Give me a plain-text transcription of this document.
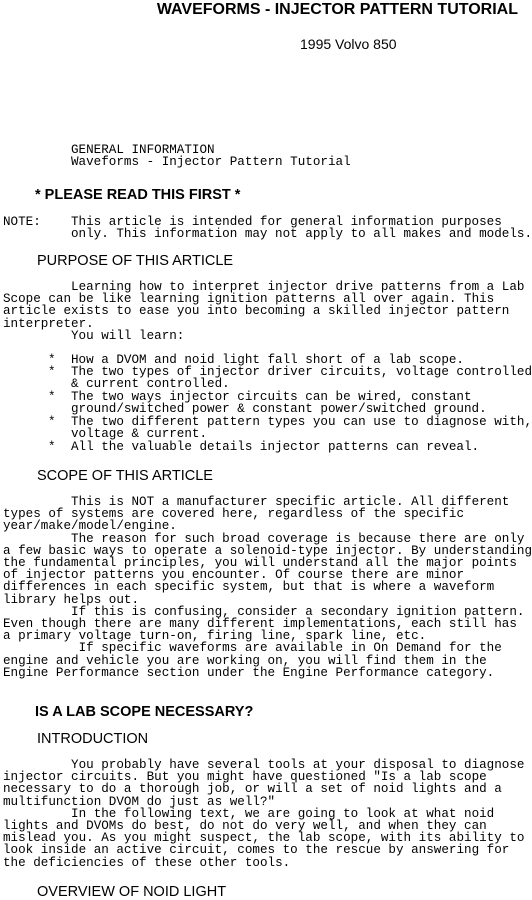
WAVEFORMS - INJECTOR PATTERN TUTORIAL
1995 Volvo 850
GENERAL INFORMATION
Waveforms - Injector Pattern Tutorial
* PLEASE READ THIS FIRST *
NOTE: This article is intended for general information purposes
only. This information may not apply to all makes and models.
PURPOSE OF THIS ARTICLE
Learning how to interpret injector drive patterns from a Lab
Scope can be like learning ignition patterns all over again. This
article exists to ease you into becoming a skilled injector pattern
interpreter.
You will learn:
* How a DVOM and noid light fall short of a lab scope.
* The two types of injector driver circuits, voltage controlled
& current controlled.
* The two ways injector circuits can be wired, constant
ground/switched power & constant power/switched ground.
* The two different pattern types you can use to diagnose with,
voltage & current.
* All the valuable details injector patterns can reveal.
SCOPE OF THIS ARTICLE
This is NOT a manufacturer specific article. All different
types of systems are covered here, regardless of the specific
year/make/model/engine.
The reason for such broad coverage is because there are only
a few basic ways to operate a solenoid-type injector. By understanding
the fundamental principles, you will understand all the major points
of injector patterns you encounter. Of course there are minor
differences in each specific system, but that is where a waveform
library helps out.
If this is confusing, consider a secondary ignition pattern.
Even though there are many different implementations, each still has
a primary voltage turn-on, firing line, spark line, etc.
If specific waveforms are available in On Demand for the
engine and vehicle you are working on, you will find them in the
Engine Performance section under the Engine Performance category.
IS A LAB SCOPE NECESSARY?
INTRODUCTION
You probably have several tools at your disposal to diagnose
injector circuits. But you might have questioned "Is a lab scope
necessary to do a thorough job, or will a set of noid lights and a
multifunction DVOM do just as well?"
In the following text, we are going to look at what noid
lights and DVOMs do best, do not do very well, and when they can
mislead you. As you might suspect, the lab scope, with its ability to
look inside an active circuit, comes to the rescue by answering for
the deficiencies of these other tools.
OVERVIEW OF NOID LIGHT
